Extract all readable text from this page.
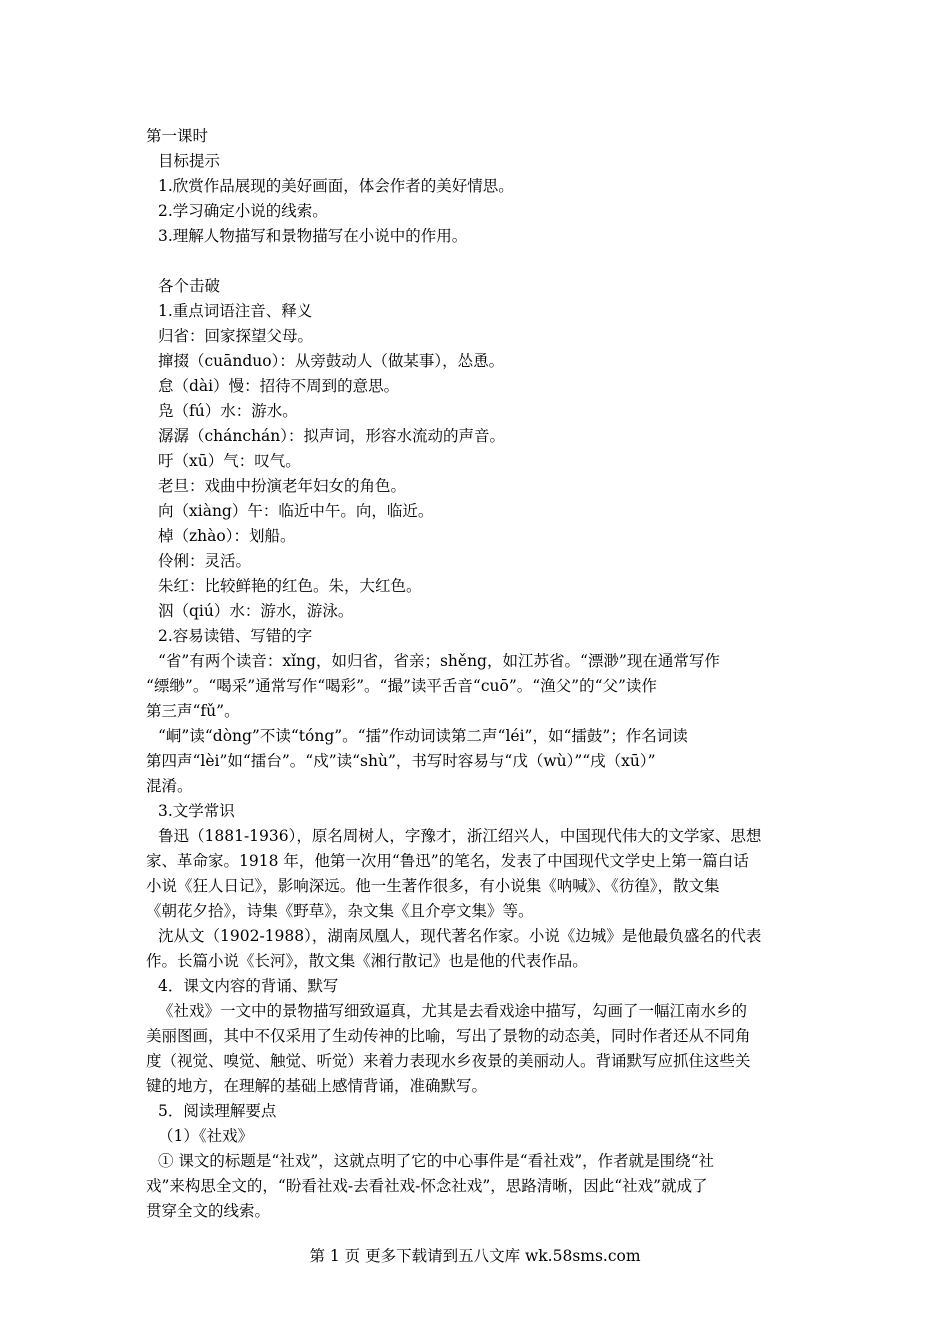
第一课时
目标提示
1.欣赏作品展现的美好画面，体会作者的美好情思。
2.学习确定小说的线索。
3.理解人物描写和景物描写在小说中的作用。
各个击破
1.重点词语注音、释义
归省：回家探望父母。
撺掇（cuānduo）：从旁鼓动人（做某事），怂恿。
怠（dài）慢：招待不周到的意思。
凫（fú）水：游水。
潺潺（chánchán）：拟声词，形容水流动的声音。
吁（xū）气：叹气。
老旦：戏曲中扮演老年妇女的角色。
向（xiàng）午：临近中午。向，临近。
棹（zhào）：划船。
伶俐：灵活。
朱红：比较鲜艳的红色。朱，大红色。
泅（qiú）水：游水，游泳。
2.容易读错、写错的字
“省”有两个读音：xǐng，如归省，省亲；shěng，如江苏省。“漂渺”现在通常写作
“缥缈”。“喝采”通常写作“喝彩”。“撮”读平舌音“cuō”。“渔父”的“父”读作
第三声“fǔ”。
“峒”读“dòng”不读“tóng”。“擂”作动词读第二声“léi”，如“擂鼓”；作名词读
第四声“lèi”如“擂台”。“戍”读“shù”，书写时容易与“戊（wù）”“戌（xū）”
混淆。
3.文学常识
鲁迅（1881-1936），原名周树人，字豫才，浙江绍兴人，中国现代伟大的文学家、思想
家、革命家。1918 年，他第一次用“鲁迅”的笔名，发表了中国现代文学史上第一篇白话
小说《狂人日记》，影响深远。他一生著作很多，有小说集《呐喊》、《彷徨》，散文集
《朝花夕拾》，诗集《野草》，杂文集《且介亭文集》等。
沈从文（1902-1988），湖南凤凰人，现代著名作家。小说《边城》是他最负盛名的代表
作。长篇小说《长河》，散文集《湘行散记》也是他的代表作品。
4．课文内容的背诵、默写
《社戏》一文中的景物描写细致逼真，尤其是去看戏途中描写，勾画了一幅江南水乡的
美丽图画，其中不仅采用了生动传神的比喻，写出了景物的动态美，同时作者还从不同角
度（视觉、嗅觉、触觉、听觉）来着力表现水乡夜景的美丽动人。背诵默写应抓住这些关
键的地方，在理解的基础上感情背诵，准确默写。
5．阅读理解要点
（1）《社戏》
① 课文的标题是“社戏”，这就点明了它的中心事件是“看社戏”，作者就是围绕“社
戏”来构思全文的，“盼看社戏-去看社戏-怀念社戏”，思路清晰，因此“社戏”就成了
贯穿全文的线索。
第 1 页 更多下载请到五八文库 wk.58sms.com
